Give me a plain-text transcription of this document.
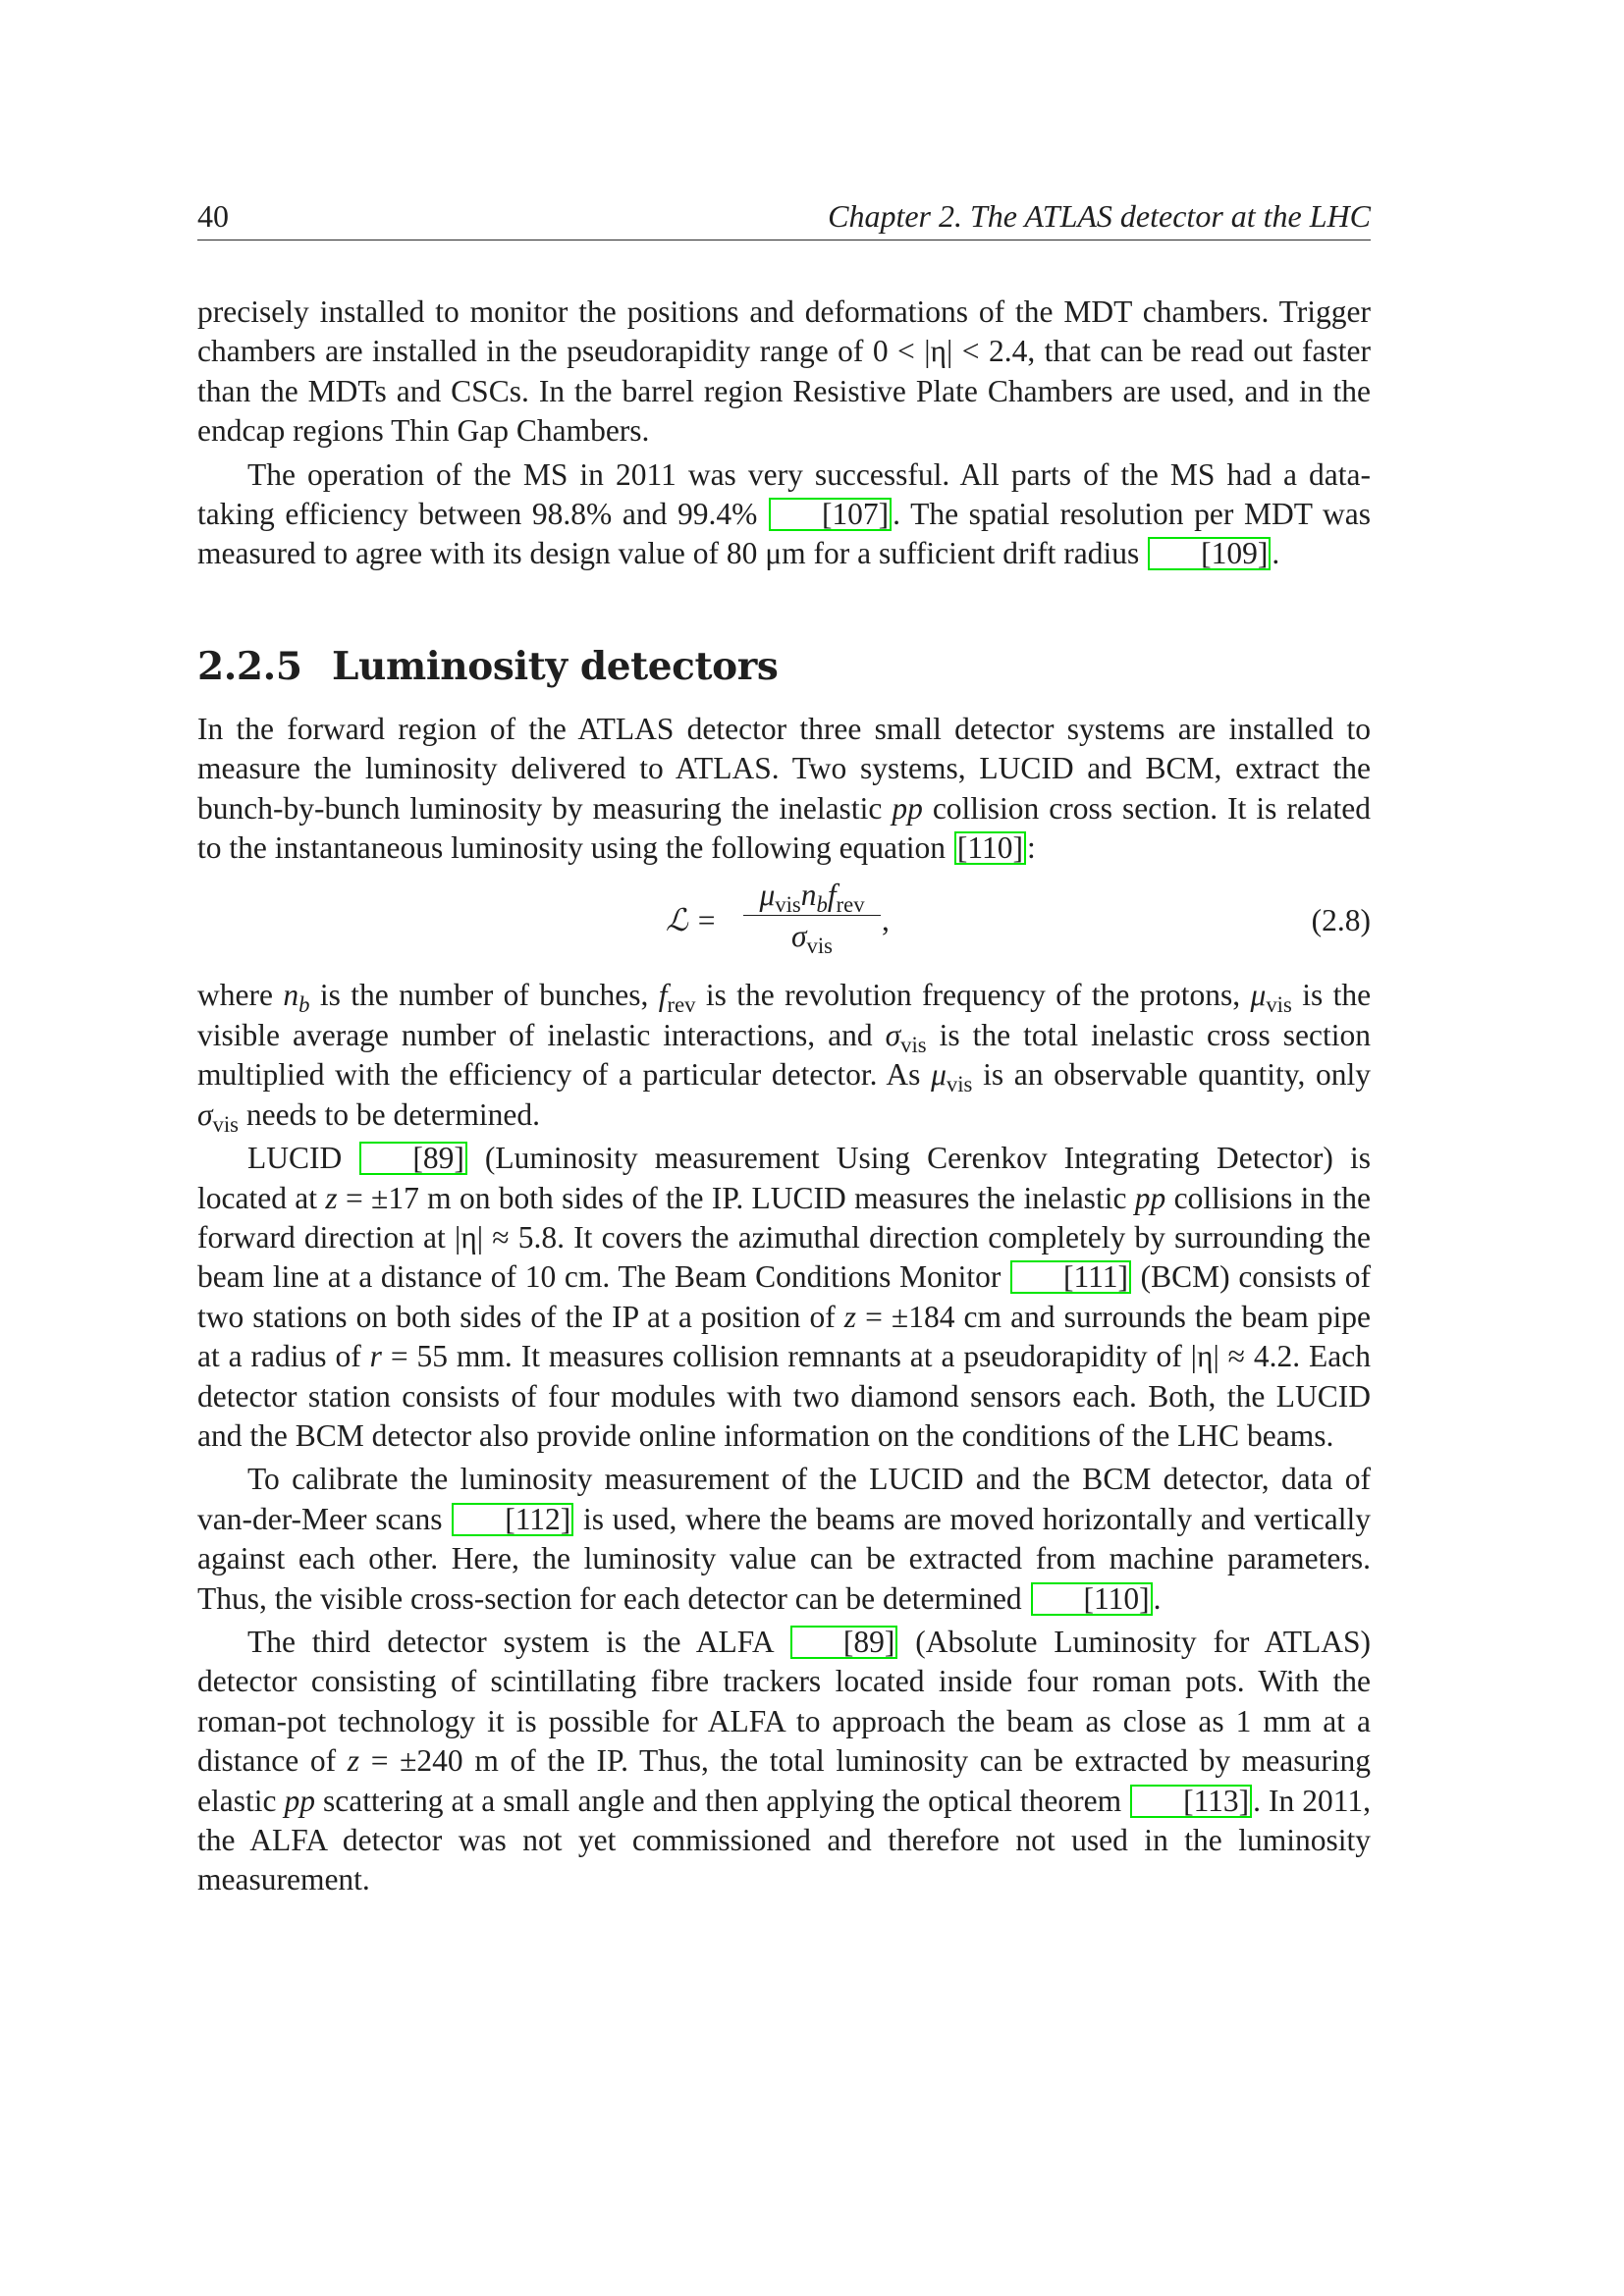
40	Chapter 2. The ATLAS detector at the LHC

precisely installed to monitor the positions and deformations of the MDT chambers. Trigger chambers are installed in the pseudorapidity range of 0 < |η| < 2.4, that can be read out faster than the MDTs and CSCs. In the barrel region Resistive Plate Chambers are used, and in the endcap regions Thin Gap Chambers.

The operation of the MS in 2011 was very successful. All parts of the MS had a data-taking efficiency between 98.8% and 99.4% [107] . The spatial resolution per MDT was measured to agree with its design value of 80 μm for a sufficient drift radius [109] .

2.2.5 Luminosity detectors

In the forward region of the ATLAS detector three small detector systems are installed to measure the luminosity delivered to ATLAS. Two systems, LUCID and BCM, extract the bunch-by-bunch luminosity by measuring the inelastic pp collision cross section. It is related to the instantaneous luminosity using the following equation [110] :

ℒ =
$\mu_{vis}n_bf_{rev}$
$\sigma_{vis}$
,	(2.8)

where $n_b$ is the number of bunches, $f_{rev}$ is the revolution frequency of the protons, $\mu_{vis}$ is the visible average number of inelastic interactions, and $\sigma_{vis}$ is the total inelastic cross section multiplied with the efficiency of a particular detector. As $\mu_{vis}$ is an observable quantity, only $\sigma_{vis}$ needs to be determined.

LUCID [89] (Luminosity measurement Using Cerenkov Integrating Detector) is located at z = ±17 m on both sides of the IP. LUCID measures the inelastic pp collisions in the forward direction at |η| ≈ 5.8. It covers the azimuthal direction completely by surrounding the beam line at a distance of 10 cm. The Beam Conditions Monitor [111] (BCM) consists of two stations on both sides of the IP at a position of z = ±184 cm and surrounds the beam pipe at a radius of r = 55 mm. It measures collision remnants at a pseudorapidity of |η| ≈ 4.2. Each detector station consists of four modules with two diamond sensors each. Both, the LUCID and the BCM detector also provide online information on the conditions of the LHC beams.

To calibrate the luminosity measurement of the LUCID and the BCM detector, data of van-der-Meer scans [112] is used, where the beams are moved horizontally and vertically against each other. Here, the luminosity value can be extracted from machine parameters. Thus, the visible cross-section for each detector can be determined [110] .

The third detector system is the ALFA [89] (Absolute Luminosity for ATLAS) detector consisting of scintillating fibre trackers located inside four roman pots. With the roman-pot technology it is possible for ALFA to approach the beam as close as 1 mm at a distance of z = ±240 m of the IP. Thus, the total luminosity can be extracted by measuring elastic pp scattering at a small angle and then applying the optical theorem [113] . In 2011, the ALFA detector was not yet commissioned and therefore not used in the luminosity measurement.
